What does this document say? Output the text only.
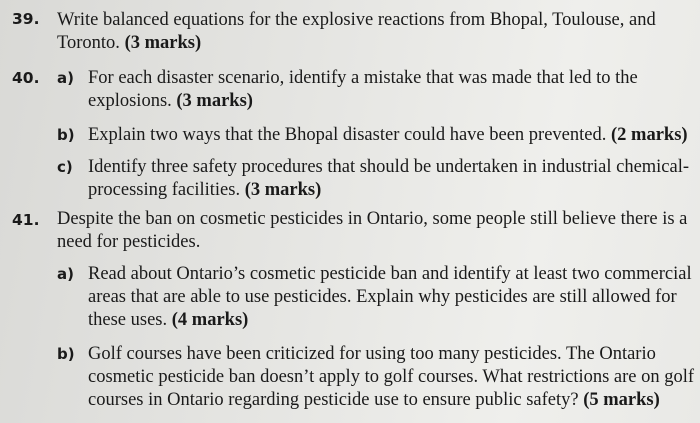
39. Write balanced equations for the explosive reactions from Bhopal, Toulouse, and
Toronto. (3 marks)
40. a) For each disaster scenario, identify a mistake that was made that led to the
explosions. (3 marks)
b) Explain two ways that the Bhopal disaster could have been prevented. (2 marks)
c) Identify three safety procedures that should be undertaken in industrial chemical-
processing facilities. (3 marks)
41. Despite the ban on cosmetic pesticides in Ontario, some people still believe there is a
need for pesticides.
a) Read about Ontario’s cosmetic pesticide ban and identify at least two commercial
areas that are able to use pesticides. Explain why pesticides are still allowed for
these uses. (4 marks)
b) Golf courses have been criticized for using too many pesticides. The Ontario
cosmetic pesticide ban doesn’t apply to golf courses. What restrictions are on golf
courses in Ontario regarding pesticide use to ensure public safety? (5 marks)
